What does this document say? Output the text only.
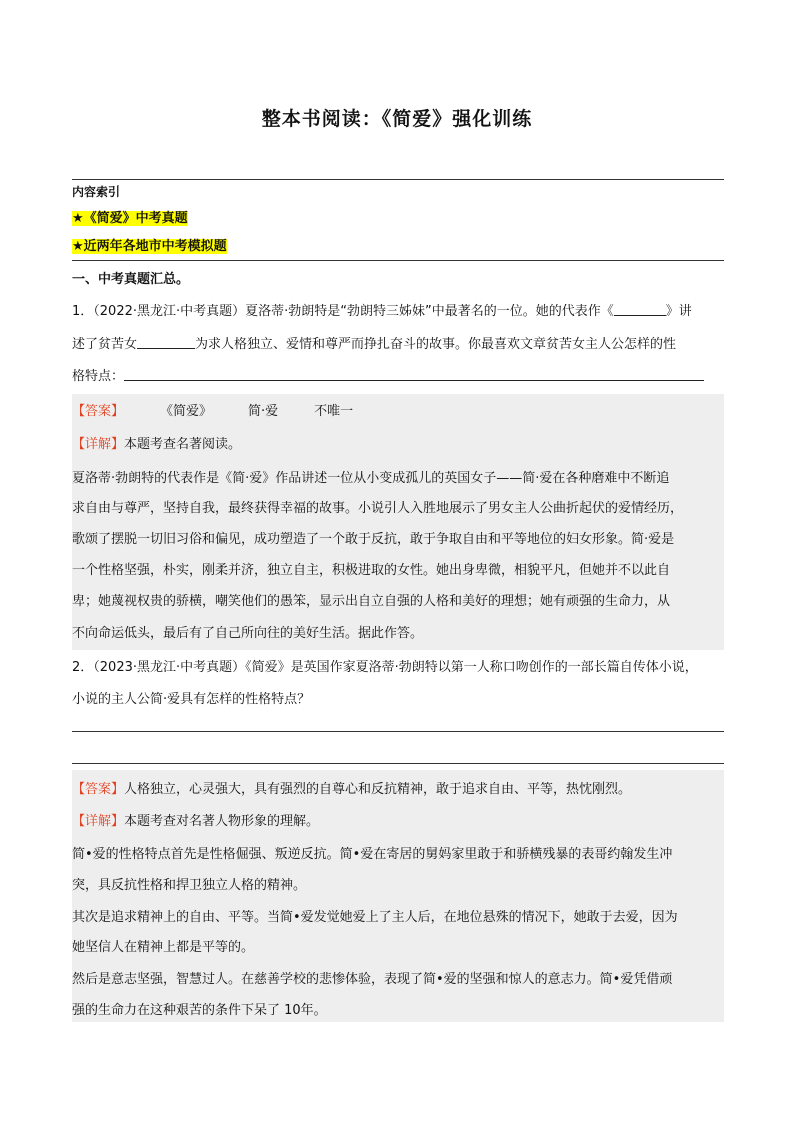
整本书阅读：《简爱》强化训练
内容索引
★《简爱》中考真题
★近两年各地市中考模拟题
一、中考真题汇总。
1．（2022·黑龙江·中考真题）夏洛蒂·勃朗特是“勃朗特三姊妹”中最著名的一位。她的代表作《	》讲
述了贫苦女	为求人格独立、爱情和尊严而挣扎奋斗的故事。你最喜欢文章贫苦女主人公怎样的性
格特点：
【答案】	《简爱》	简·爱	不唯一
【详解】本题考查名著阅读。
夏洛蒂·勃朗特的代表作是《简·爱》作品讲述一位从小变成孤儿的英国女子——简·爱在各种磨难中不断追
求自由与尊严，坚持自我，最终获得幸福的故事。小说引人入胜地展示了男女主人公曲折起伏的爱情经历，
歌颂了摆脱一切旧习俗和偏见，成功塑造了一个敢于反抗，敢于争取自由和平等地位的妇女形象。简·爱是
一个性格坚强，朴实，刚柔并济，独立自主，积极进取的女性。她出身卑微，相貌平凡，但她并不以此自
卑；她蔑视权贵的骄横，嘲笑他们的愚笨，显示出自立自强的人格和美好的理想；她有顽强的生命力，从
不向命运低头，最后有了自己所向往的美好生活。据此作答。
2．（2023·黑龙江·中考真题）《简爱》是英国作家夏洛蒂·勃朗特以第一人称口吻创作的一部长篇自传体小说，
小说的主人公简·爱具有怎样的性格特点？
【答案】人格独立，心灵强大，具有强烈的自尊心和反抗精神，敢于追求自由、平等，热忱刚烈。
【详解】本题考查对名著人物形象的理解。
简•爱的性格特点首先是性格倔强、叛逆反抗。简•爱在寄居的舅妈家里敢于和骄横残暴的表哥约翰发生冲
突，具反抗性格和捍卫独立人格的精神。
其次是追求精神上的自由、平等。当简•爱发觉她爱上了主人后，在地位悬殊的情况下，她敢于去爱，因为
她坚信人在精神上都是平等的。
然后是意志坚强，智慧过人。在慈善学校的悲惨体验，表现了简•爱的坚强和惊人的意志力。简•爱凭借顽
强的生命力在这种艰苦的条件下呆了 10年。
